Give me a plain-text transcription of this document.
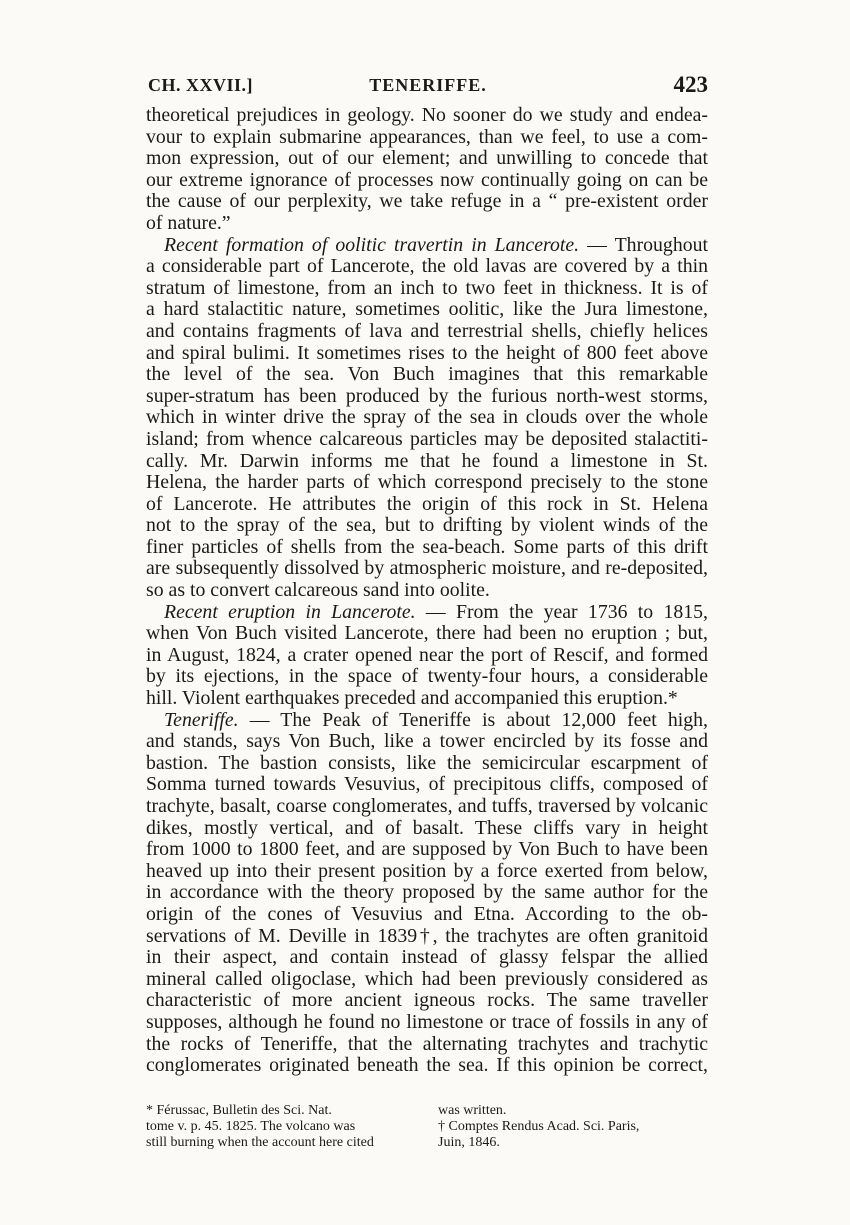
CH. XXVII.]	TENERIFFE.	423
theoretical prejudices in geology. No sooner do we study and endea-
vour to explain submarine appearances, than we feel, to use a com-
mon expression, out of our element; and unwilling to concede that
our extreme ignorance of processes now continually going on can be
the cause of our perplexity, we take refuge in a “ pre-existent order
of nature.”
Recent formation of oolitic travertin in Lancerote. — Throughout
a considerable part of Lancerote, the old lavas are covered by a thin
stratum of limestone, from an inch to two feet in thickness. It is of
a hard stalactitic nature, sometimes oolitic, like the Jura limestone,
and contains fragments of lava and terrestrial shells, chiefly helices
and spiral bulimi. It sometimes rises to the height of 800 feet above
the level of the sea. Von Buch imagines that this remarkable
super-stratum has been produced by the furious north-west storms,
which in winter drive the spray of the sea in clouds over the whole
island; from whence calcareous particles may be deposited stalactiti-
cally. Mr. Darwin informs me that he found a limestone in St.
Helena, the harder parts of which correspond precisely to the stone
of Lancerote. He attributes the origin of this rock in St. Helena
not to the spray of the sea, but to drifting by violent winds of the
finer particles of shells from the sea-beach. Some parts of this drift
are subsequently dissolved by atmospheric moisture, and re-deposited,
so as to convert calcareous sand into oolite.
Recent eruption in Lancerote. — From the year 1736 to 1815,
when Von Buch visited Lancerote, there had been no eruption ; but,
in August, 1824, a crater opened near the port of Rescif, and formed
by its ejections, in the space of twenty-four hours, a considerable
hill. Violent earthquakes preceded and accompanied this eruption.*
Teneriffe. — The Peak of Teneriffe is about 12,000 feet high,
and stands, says Von Buch, like a tower encircled by its fosse and
bastion. The bastion consists, like the semicircular escarpment of
Somma turned towards Vesuvius, of precipitous cliffs, composed of
trachyte, basalt, coarse conglomerates, and tuffs, traversed by volcanic
dikes, mostly vertical, and of basalt. These cliffs vary in height
from 1000 to 1800 feet, and are supposed by Von Buch to have been
heaved up into their present position by a force exerted from below,
in accordance with the theory proposed by the same author for the
origin of the cones of Vesuvius and Etna. According to the ob-
servations of M. Deville in 1839†, the trachytes are often granitoid
in their aspect, and contain instead of glassy felspar the allied
mineral called oligoclase, which had been previously considered as
characteristic of more ancient igneous rocks. The same traveller
supposes, although he found no limestone or trace of fossils in any of
the rocks of Teneriffe, that the alternating trachytes and trachytic
conglomerates originated beneath the sea. If this opinion be correct,
* Férussac, Bulletin des Sci. Nat.
tome v. p. 45. 1825. The volcano was
still burning when the account here cited
was written.
† Comptes Rendus Acad. Sci. Paris,
Juin, 1846.
